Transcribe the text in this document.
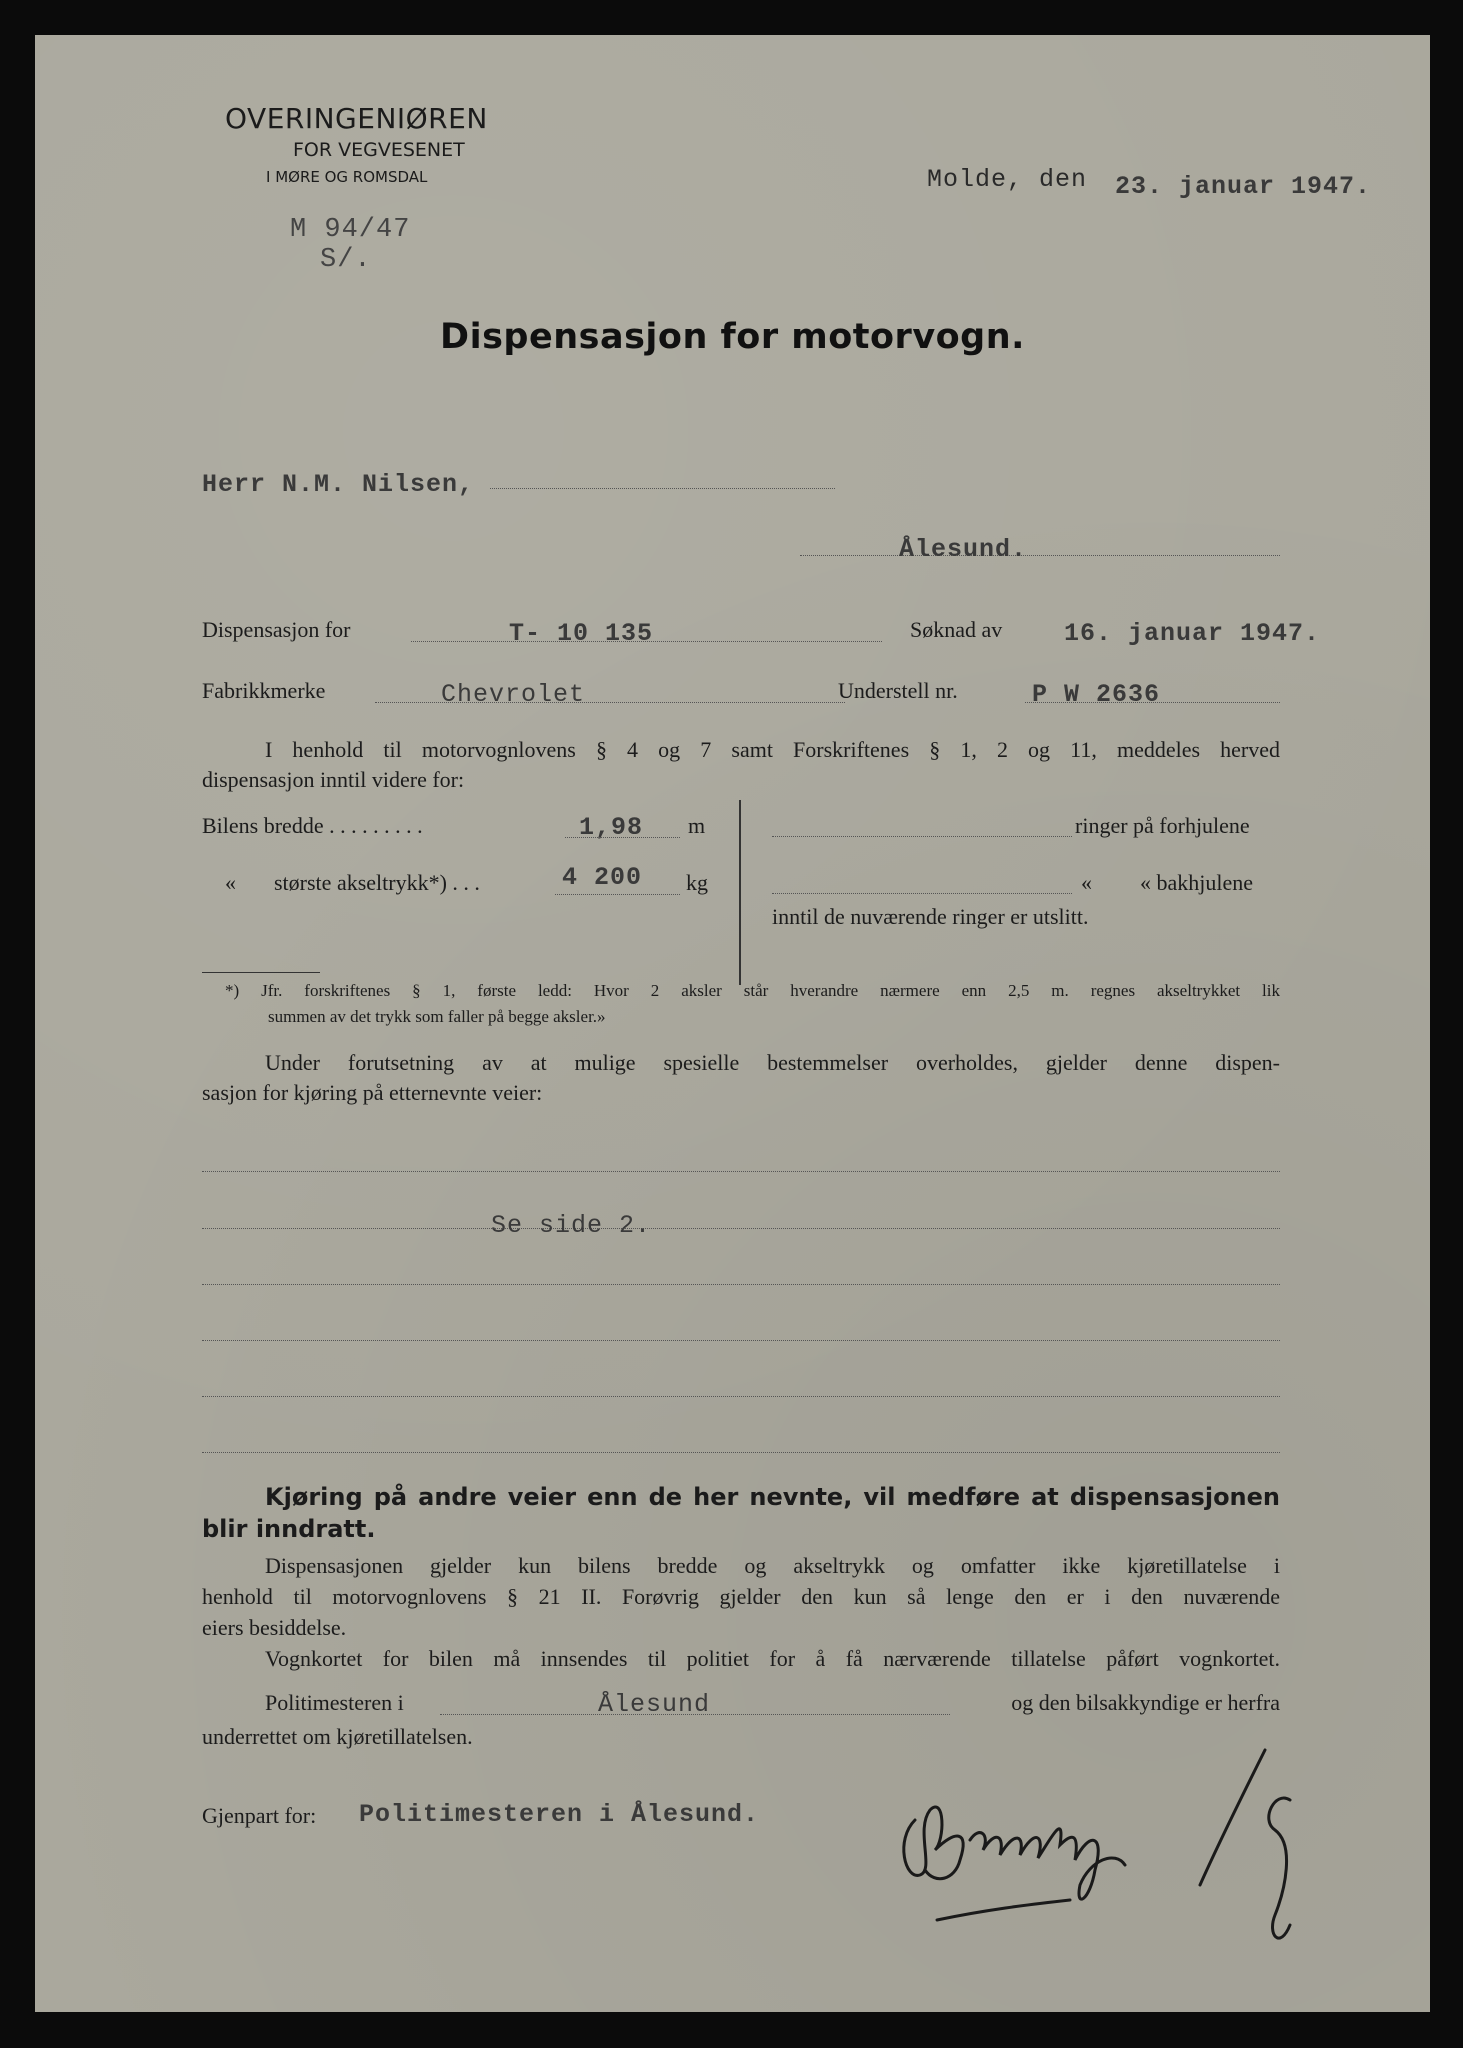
OVERINGENIØREN
FOR VEGVESENET
I MØRE OG ROMSDAL
M 94/47
S/.
Molde, den 23. januar 1947.
Dispensasjon for motorvogn.
Herr N.M. Nilsen,
Ålesund.
Dispensasjon for	T- 10 135	Søknad av 16. januar 1947.
Fabrikkmerke	Chevrolet	Understell nr.	P W 2636
I henhold til motorvognlovens § 4 og 7 samt Forskriftenes § 1, 2 og 11, meddeles herved
dispensasjon inntil videre for:
Bilens bredde . . . . . . . . .	1,98 m
« største akseltrykk*) . . .	4 200 kg
ringer på forhjulene
« « bakhjulene
inntil de nuværende ringer er utslitt.
*) Jfr. forskriftenes § 1, første ledd: Hvor 2 aksler står hverandre nærmere enn 2,5 m. regnes akseltrykket lik
summen av det trykk som faller på begge aksler.»
Under forutsetning av at mulige spesielle bestemmelser overholdes, gjelder denne dispen-
sasjon for kjøring på etternevnte veier:
Se side 2.
Kjøring på andre veier enn de her nevnte, vil medføre at dispensasjonen
blir inndratt.
Dispensasjonen gjelder kun bilens bredde og akseltrykk og omfatter ikke kjøretillatelse i
henhold til motorvognlovens § 21 II. Forøvrig gjelder den kun så lenge den er i den nuværende
eiers besiddelse.
Vognkortet for bilen må innsendes til politiet for å få nærværende tillatelse påført vognkortet.
Politimesteren i	Ålesund	og den bilsakkyndige er herfra
underrettet om kjøretillatelsen.
Gjenpart for: Politimesteren i Ålesund.
